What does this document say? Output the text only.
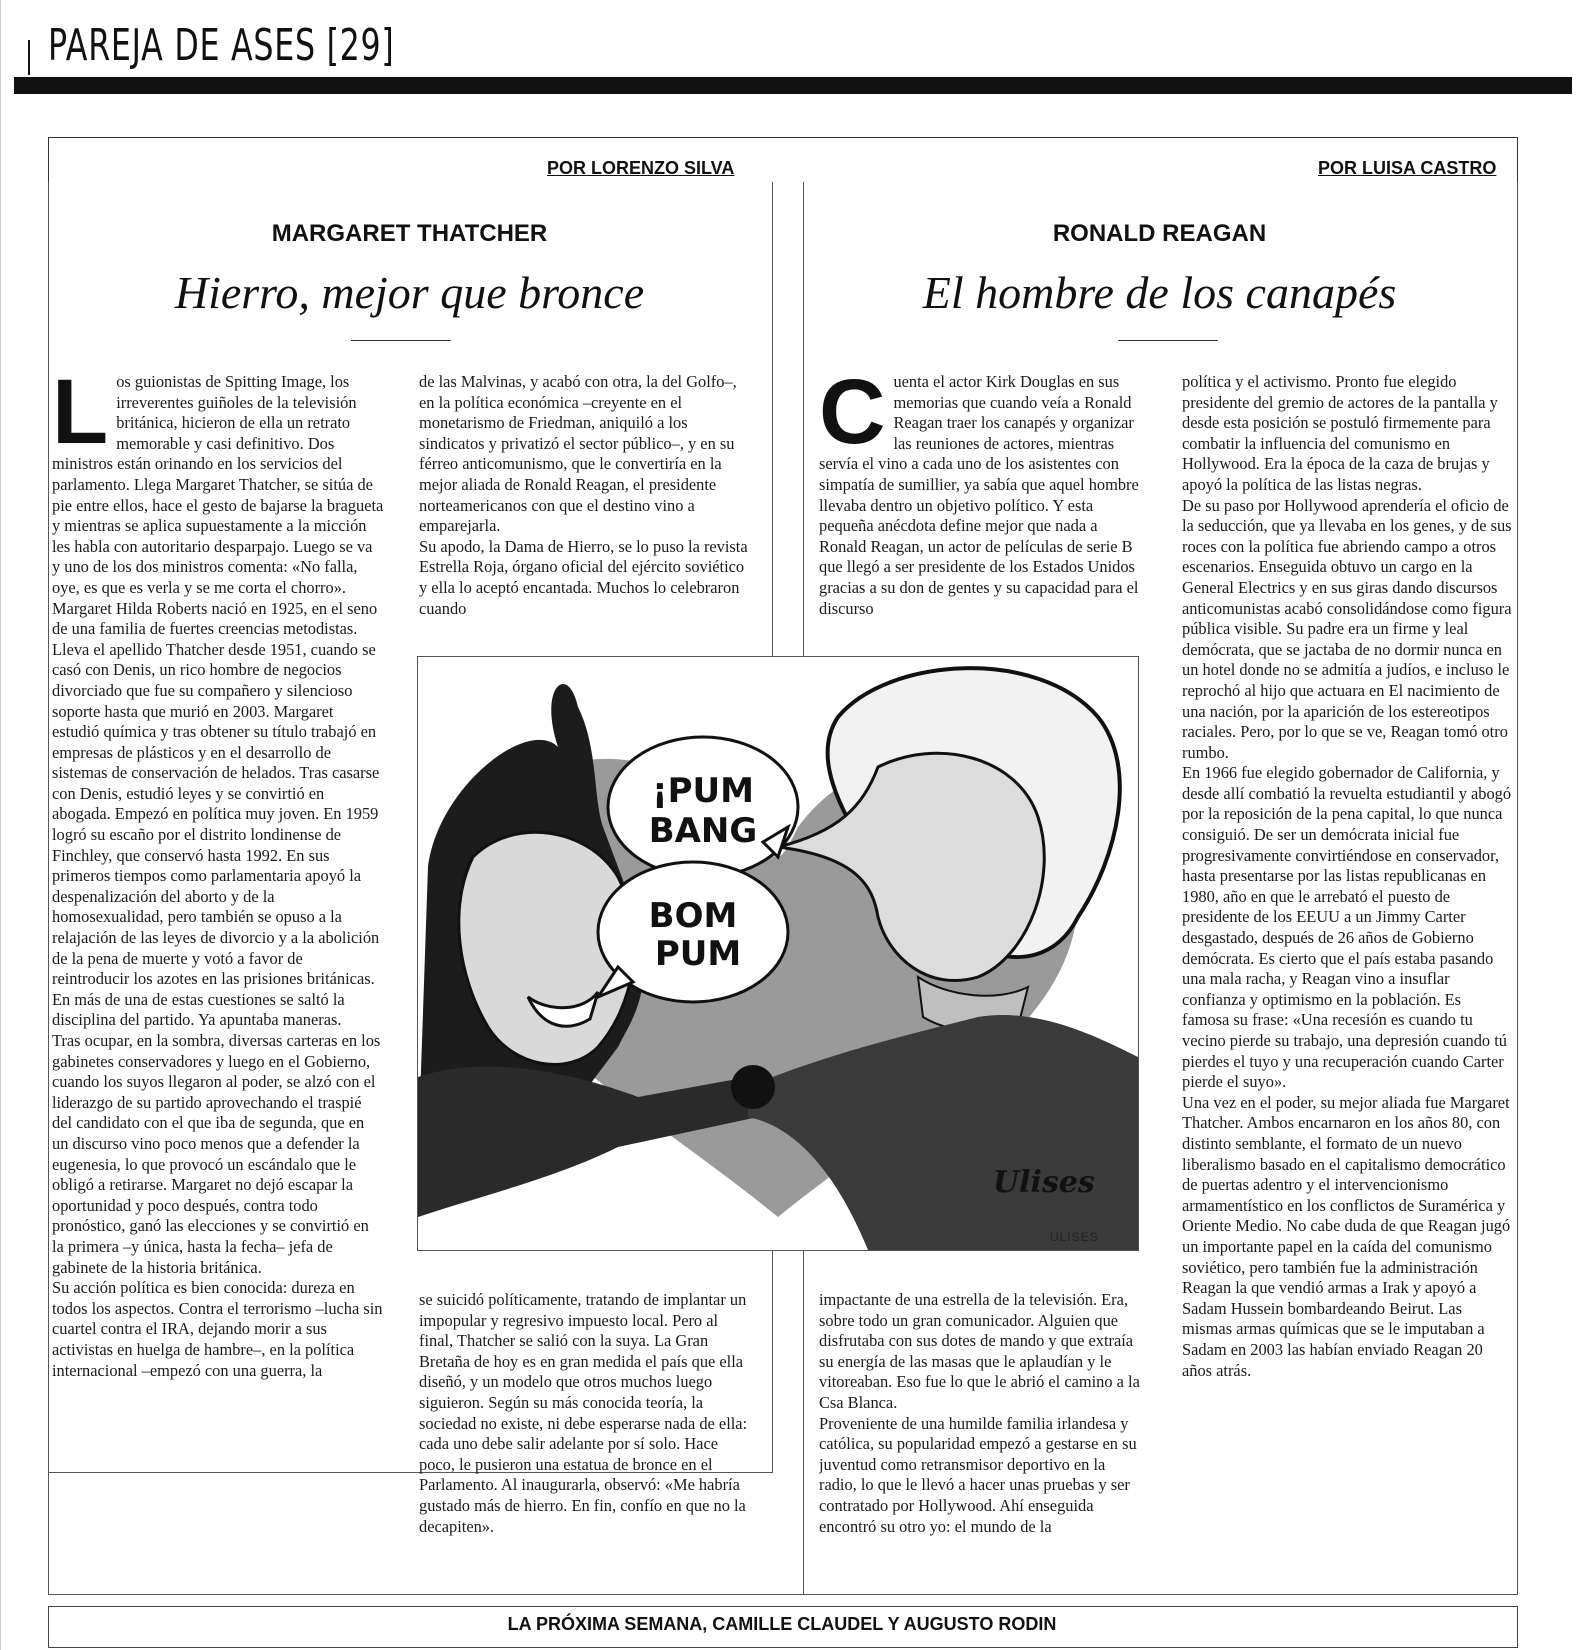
PAREJA DE ASES [29]
POR LORENZO SILVA	POR LUISA CASTRO
MARGARET THATCHER
Hierro, mejor que bronce
RONALD REAGAN
El hombre de los canapés
L os guionistas de Spitting Image, los irreverentes guiñoles de la televisión británica, hicieron de ella un retrato memorable y casi definitivo. Dos ministros están orinando en los servicios del parlamento. Llega Margaret Thatcher, se sitúa de pie entre ellos, hace el gesto de bajarse la bragueta y mientras se aplica supuestamente a la micción les habla con autoritario desparpajo. Luego se va y uno de los dos ministros comenta: «No falla, oye, es que es verla y se me corta el chorro».

Margaret Hilda Roberts nació en 1925, en el seno de una familia de fuertes creencias metodistas. Lleva el apellido Thatcher desde 1951, cuando se casó con Denis, un rico hombre de negocios divorciado que fue su compañero y silencioso soporte hasta que murió en 2003. Margaret estudió química y tras obtener su título trabajó en empresas de plásticos y en el desarrollo de sistemas de conservación de helados. Tras casarse con Denis, estudió leyes y se convirtió en abogada. Empezó en política muy joven. En 1959 logró su escaño por el distrito londinense de Finchley, que conservó hasta 1992. En sus primeros tiempos como parlamentaria apoyó la despenalización del aborto y de la homosexualidad, pero también se opuso a la relajación de las leyes de divorcio y a la abolición de la pena de muerte y votó a favor de reintroducir los azotes en las prisiones británicas. En más de una de estas cuestiones se saltó la disciplina del partido. Ya apuntaba maneras.

Tras ocupar, en la sombra, diversas carteras en los gabinetes conservadores y luego en el Gobierno, cuando los suyos llegaron al poder, se alzó con el liderazgo de su partido aprovechando el traspié del candidato con el que iba de segunda, que en un discurso vino poco menos que a defender la eugenesia, lo que provocó un escándalo que le obligó a retirarse. Margaret no dejó escapar la oportunidad y poco después, contra todo pronóstico, ganó las elecciones y se convirtió en la primera –y única, hasta la fecha– jefa de gabinete de la historia británica.

Su acción política es bien conocida: dureza en todos los aspectos. Contra el terrorismo –lucha sin cuartel contra el IRA, dejando morir a sus activistas en huelga de hambre–, en la política internacional –empezó con una guerra, la

de las Malvinas, y acabó con otra, la del Golfo–, en la política económica –creyente en el monetarismo de Friedman, aniquiló a los sindicatos y privatizó el sector público–, y en su férreo anticomunismo, que le convertiría en la mejor aliada de Ronald Reagan, el presidente norteamericanos con que el destino vino a emparejarla.

Su apodo, la Dama de Hierro, se lo puso la revista Estrella Roja, órgano oficial del ejército soviético y ella lo aceptó encantada. Muchos lo celebraron cuando

se suicidó políticamente, tratando de implantar un impopular y regresivo impuesto local. Pero al final, Thatcher se salió con la suya. La Gran Bretaña de hoy es en gran medida el país que ella diseñó, y un modelo que otros muchos luego siguieron. Según su más conocida teoría, la sociedad no existe, ni debe esperarse nada de ella: cada uno debe salir adelante por sí solo. Hace poco, le pusieron una estatua de bronce en el Parlamento. Al inaugurarla, observó: «Me habría gustado más de hierro. En fin, confío en que no la decapiten».

C uenta el actor Kirk Douglas en sus memorias que cuando veía a Ronald Reagan traer los canapés y organizar las reuniones de actores, mientras servía el vino a cada uno de los asistentes con simpatía de sumillier, ya sabía que aquel hombre llevaba dentro un objetivo político. Y esta pequeña anécdota define mejor que nada a Ronald Reagan, un actor de películas de serie B que llegó a ser presidente de los Estados Unidos gracias a su don de gentes y su capacidad para el discurso

impactante de una estrella de la televisión. Era, sobre todo un gran comunicador. Alguien que disfrutaba con sus dotes de mando y que extraía su energía de las masas que le aplaudían y le vitoreaban. Eso fue lo que le abrió el camino a la Csa Blanca.

Proveniente de una humilde familia irlandesa y católica, su popularidad empezó a gestarse en su juventud como retransmisor deportivo en la radio, lo que le llevó a hacer unas pruebas y ser contratado por Hollywood. Ahí enseguida encontró su otro yo: el mundo de la

política y el activismo. Pronto fue elegido presidente del gremio de actores de la pantalla y desde esta posición se postuló firmemente para combatir la influencia del comunismo en Hollywood. Era la época de la caza de brujas y apoyó la política de las listas negras.

De su paso por Hollywood aprendería el oficio de la seducción, que ya llevaba en los genes, y de sus roces con la política fue abriendo campo a otros escenarios. Enseguida obtuvo un cargo en la General Electrics y en sus giras dando discursos anticomunistas acabó consolidándose como figura pública visible. Su padre era un firme y leal demócrata, que se jactaba de no dormir nunca en un hotel donde no se admitía a judíos, e incluso le reprochó al hijo que actuara en El nacimiento de una nación, por la aparición de los estereotipos raciales. Pero, por lo que se ve, Reagan tomó otro rumbo.

En 1966 fue elegido gobernador de California, y desde allí combatió la revuelta estudiantil y abogó por la reposición de la pena capital, lo que nunca consiguió. De ser un demócrata inicial fue progresivamente convirtiéndose en conservador, hasta presentarse por las listas republicanas en 1980, año en que le arrebató el puesto de presidente de los EEUU a un Jimmy Carter desgastado, después de 26 años de Gobierno demócrata. Es cierto que el país estaba pasando una mala racha, y Reagan vino a insuflar confianza y optimismo en la población. Es famosa su frase: «Una recesión es cuando tu vecino pierde su trabajo, una depresión cuando tú pierdes el tuyo y una recuperación cuando Carter pierde el suyo».

Una vez en el poder, su mejor aliada fue Margaret Thatcher. Ambos encarnaron en los años 80, con distinto semblante, el formato de un nuevo liberalismo basado en el capitalismo democrático de puertas adentro y el intervencionismo armamentístico en los conflictos de Suramérica y Oriente Medio. No cabe duda de que Reagan jugó un importante papel en la caída del comunismo soviético, pero también fue la administración Reagan la que vendió armas a Irak y apoyó a Sadam Hussein bombardeando Beirut. Las mismas armas químicas que se le imputaban a Sadam en 2003 las habían enviado Reagan 20 años atrás.

¡PUM
BANG
BOM
PUM
Ulises
ULISES
LA PRÓXIMA SEMANA, CAMILLE CLAUDEL Y AUGUSTO RODIN
